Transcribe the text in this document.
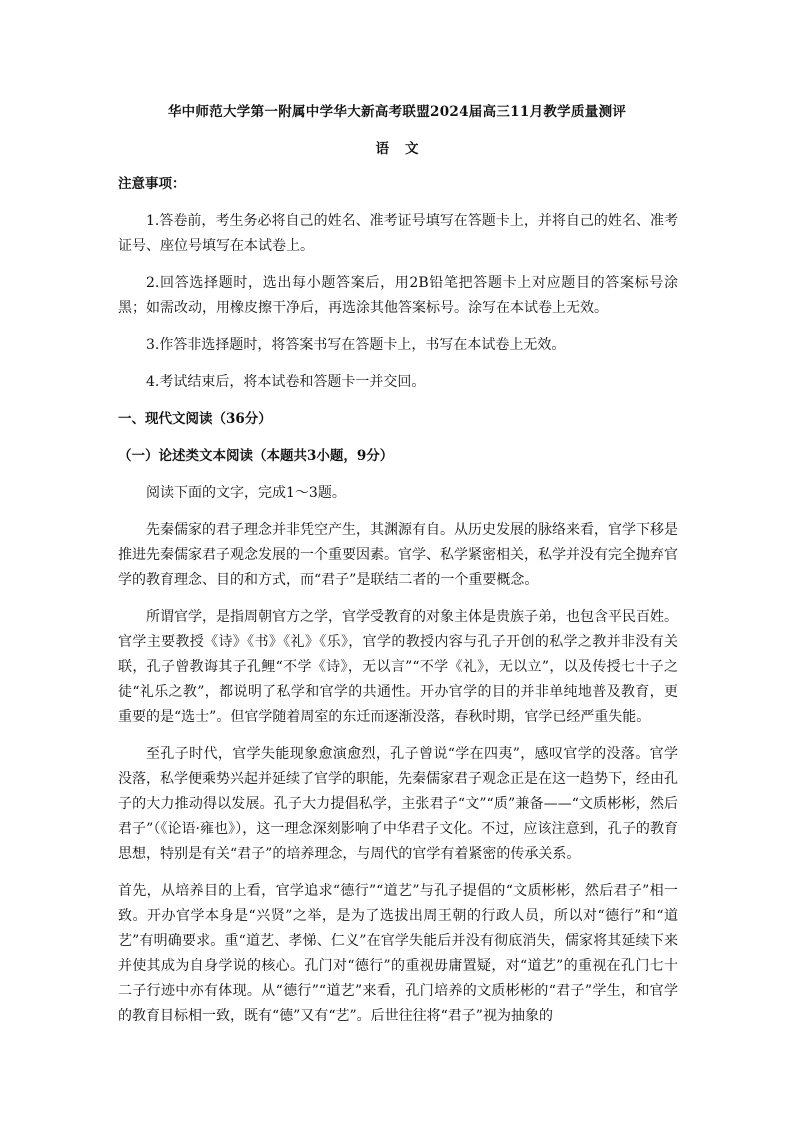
华中师范大学第一附属中学华大新高考联盟2024届高三11月教学质量测评
语文

注意事项：

1.答卷前，考生务必将自己的姓名、准考证号填写在答题卡上，并将自己的姓名、准考证号、座位号填写在本试卷上。

2.回答选择题时，选出每小题答案后，用2B铅笔把答题卡上对应题目的答案标号涂黑；如需改动，用橡皮擦干净后，再选涂其他答案标号。涂写在本试卷上无效。

3.作答非选择题时，将答案书写在答题卡上，书写在本试卷上无效。

4.考试结束后，将本试卷和答题卡一并交回。

一、现代文阅读（36分）

（一）论述类文本阅读（本题共3小题，9分）

阅读下面的文字，完成1～3题。

先秦儒家的君子理念并非凭空产生，其渊源有自。从历史发展的脉络来看，官学下移是推进先秦儒家君子观念发展的一个重要因素。官学、私学紧密相关，私学并没有完全抛弃官学的教育理念、目的和方式，而“君子”是联结二者的一个重要概念。

所谓官学，是指周朝官方之学，官学受教育的对象主体是贵族子弟，也包含平民百姓。官学主要教授《诗》《书》《礼》《乐》，官学的教授内容与孔子开创的私学之教并非没有关联，孔子曾教诲其子孔鲤“不学《诗》，无以言”“不学《礼》，无以立”，以及传授七十子之徒“礼乐之教”，都说明了私学和官学的共通性。开办官学的目的并非单纯地普及教育，更重要的是“选士”。但官学随着周室的东迁而逐渐没落，春秋时期，官学已经严重失能。

至孔子时代，官学失能现象愈演愈烈，孔子曾说“学在四夷”，感叹官学的没落。官学没落，私学便乘势兴起并延续了官学的职能，先秦儒家君子观念正是在这一趋势下，经由孔子的大力推动得以发展。孔子大力提倡私学，主张君子“文”“质”兼备——“文质彬彬，然后君子”（《论语·雍也》），这一理念深刻影响了中华君子文化。不过，应该注意到，孔子的教育思想，特别是有关“君子”的培养理念，与周代的官学有着紧密的传承关系。

首先，从培养目的上看，官学追求“德行”“道艺”与孔子提倡的“文质彬彬，然后君子”相一致。开办官学本身是“兴贤”之举，是为了选拔出周王朝的行政人员，所以对“德行”和“道艺”有明确要求。重“道艺、孝悌、仁义”在官学失能后并没有彻底消失，儒家将其延续下来并使其成为自身学说的核心。孔门对“德行”的重视毋庸置疑，对“道艺”的重视在孔门七十二子行迹中亦有体现。从“德行”“道艺”来看，孔门培养的文质彬彬的“君子”学生，和官学的教育目标相一致，既有“德”又有“艺”。后世往往将“君子”视为抽象的
